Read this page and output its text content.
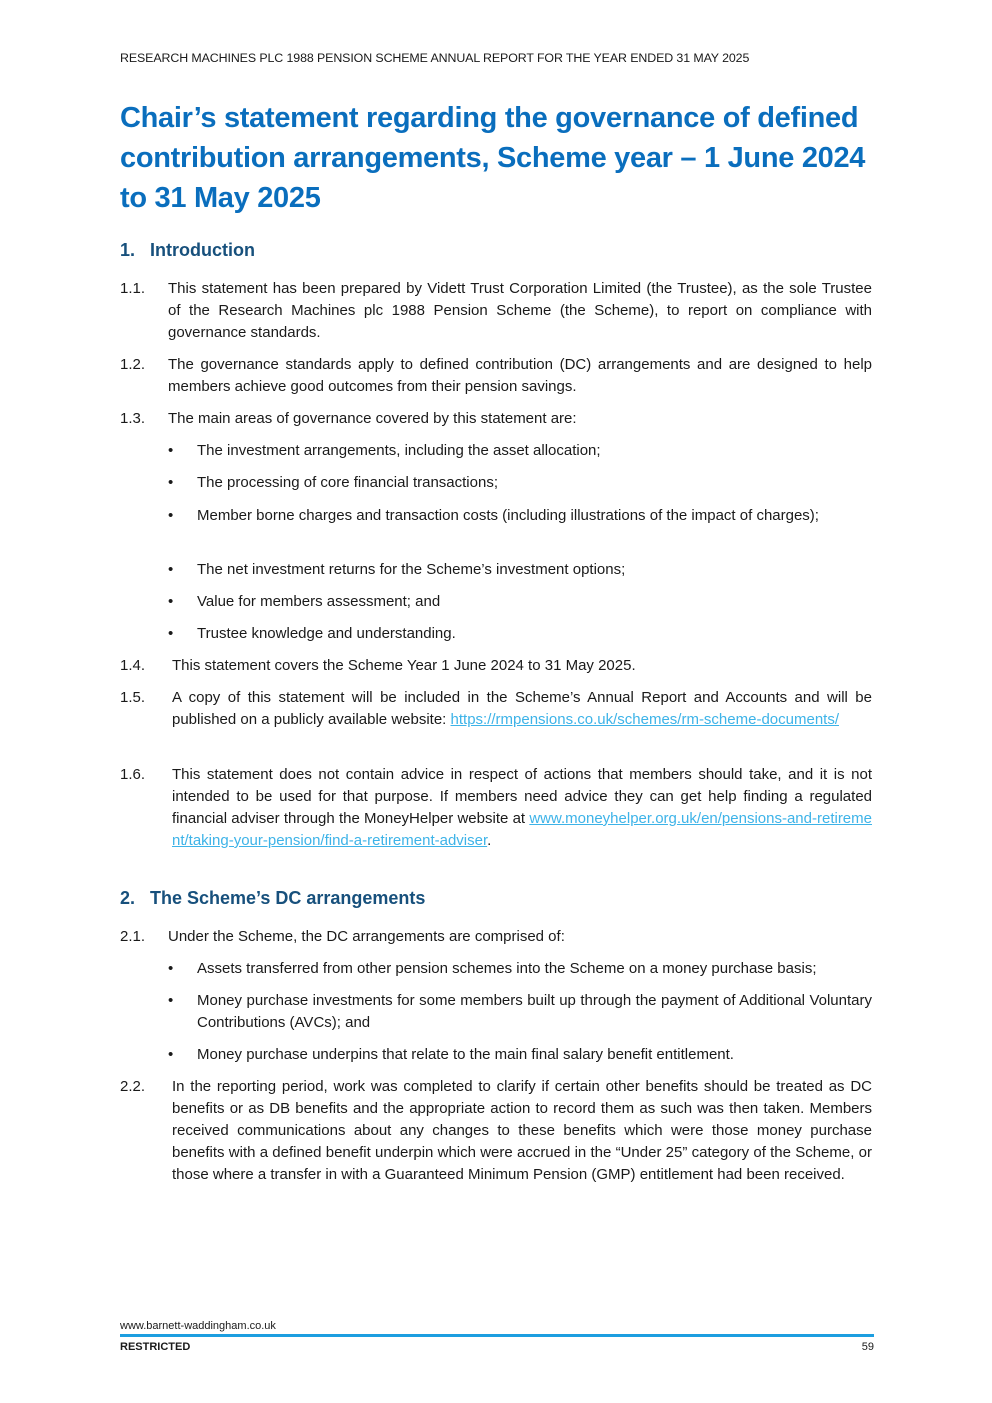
RESEARCH MACHINES PLC 1988 PENSION SCHEME ANNUAL REPORT FOR THE YEAR ENDED 31 MAY 2025
Chair’s statement regarding the governance of defined contribution arrangements, Scheme year – 1 June 2024 to 31 May 2025
1. Introduction
1.1. This statement has been prepared by Vidett Trust Corporation Limited (the Trustee), as the sole Trustee of the Research Machines plc 1988 Pension Scheme (the Scheme), to report on compliance with governance standards.
1.2. The governance standards apply to defined contribution (DC) arrangements and are designed to help members achieve good outcomes from their pension savings.
1.3. The main areas of governance covered by this statement are:
• The investment arrangements, including the asset allocation;
• The processing of core financial transactions;
• Member borne charges and transaction costs (including illustrations of the impact of charges);
• The net investment returns for the Scheme’s investment options;
• Value for members assessment; and
• Trustee knowledge and understanding.
1.4. This statement covers the Scheme Year 1 June 2024 to 31 May 2025.
1.5. A copy of this statement will be included in the Scheme’s Annual Report and Accounts and will be published on a publicly available website: https://rmpensions.co.uk/schemes/rm-scheme-documents/
1.6. This statement does not contain advice in respect of actions that members should take, and it is not intended to be used for that purpose. If members need advice they can get help finding a regulated financial adviser through the MoneyHelper website at www.moneyhelper.org.uk/en/pensions-and-retirement/taking-your-pension/find-a-retirement-adviser.
2. The Scheme’s DC arrangements
2.1. Under the Scheme, the DC arrangements are comprised of:
• Assets transferred from other pension schemes into the Scheme on a money purchase basis;
• Money purchase investments for some members built up through the payment of Additional Voluntary Contributions (AVCs); and
• Money purchase underpins that relate to the main final salary benefit entitlement.
2.2. In the reporting period, work was completed to clarify if certain other benefits should be treated as DC benefits or as DB benefits and the appropriate action to record them as such was then taken. Members received communications about any changes to these benefits which were those money purchase benefits with a defined benefit underpin which were accrued in the “Under 25” category of the Scheme, or those where a transfer in with a Guaranteed Minimum Pension (GMP) entitlement had been received.
www.barnett-waddingham.co.uk
RESTRICTED	59
